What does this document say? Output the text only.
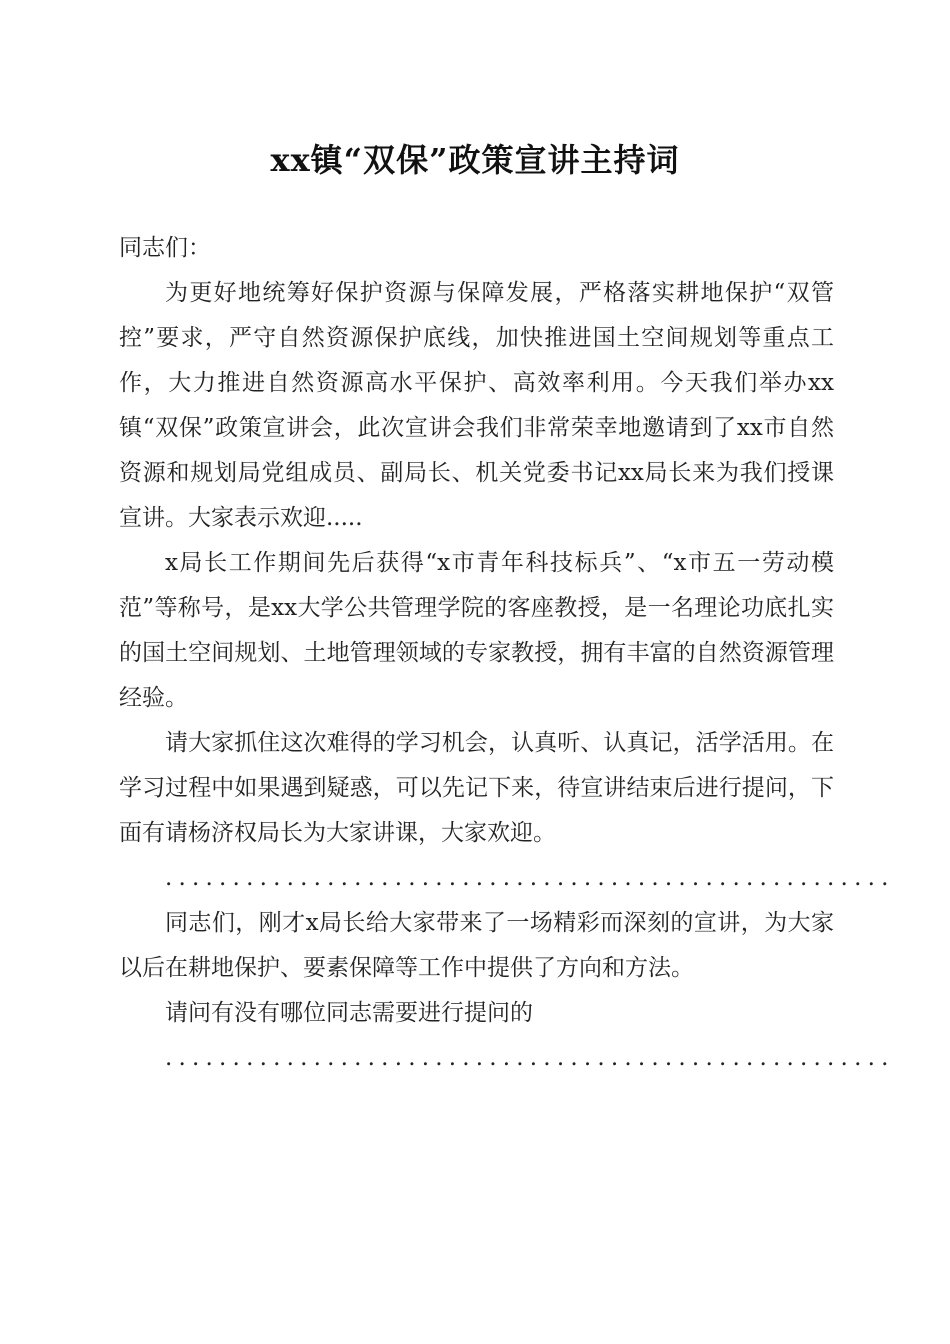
xx镇“双保”政策宣讲主持词

同志们：

为更好地统筹好保护资源与保障发展，严格落实耕地保护“双管控”要求，严守自然资源保护底线，加快推进国土空间规划等重点工作，大力推进自然资源高水平保护、高效率利用。今天我们举办xx镇“双保”政策宣讲会，此次宣讲会我们非常荣幸地邀请到了xx市自然资源和规划局党组成员、副局长、机关党委书记xx局长来为我们授课宣讲。大家表示欢迎.....

x局长工作期间先后获得“x市青年科技标兵”、“x市五一劳动模范”等称号，是xx大学公共管理学院的客座教授，是一名理论功底扎实的国土空间规划、土地管理领域的专家教授，拥有丰富的自然资源管理经验。

请大家抓住这次难得的学习机会，认真听、认真记，活学活用。在学习过程中如果遇到疑惑，可以先记下来，待宣讲结束后进行提问，下面有请杨济权局长为大家讲课，大家欢迎。

......................................................

同志们，刚才x局长给大家带来了一场精彩而深刻的宣讲，为大家以后在耕地保护、要素保障等工作中提供了方向和方法。

请问有没有哪位同志需要进行提问的

......................................................
